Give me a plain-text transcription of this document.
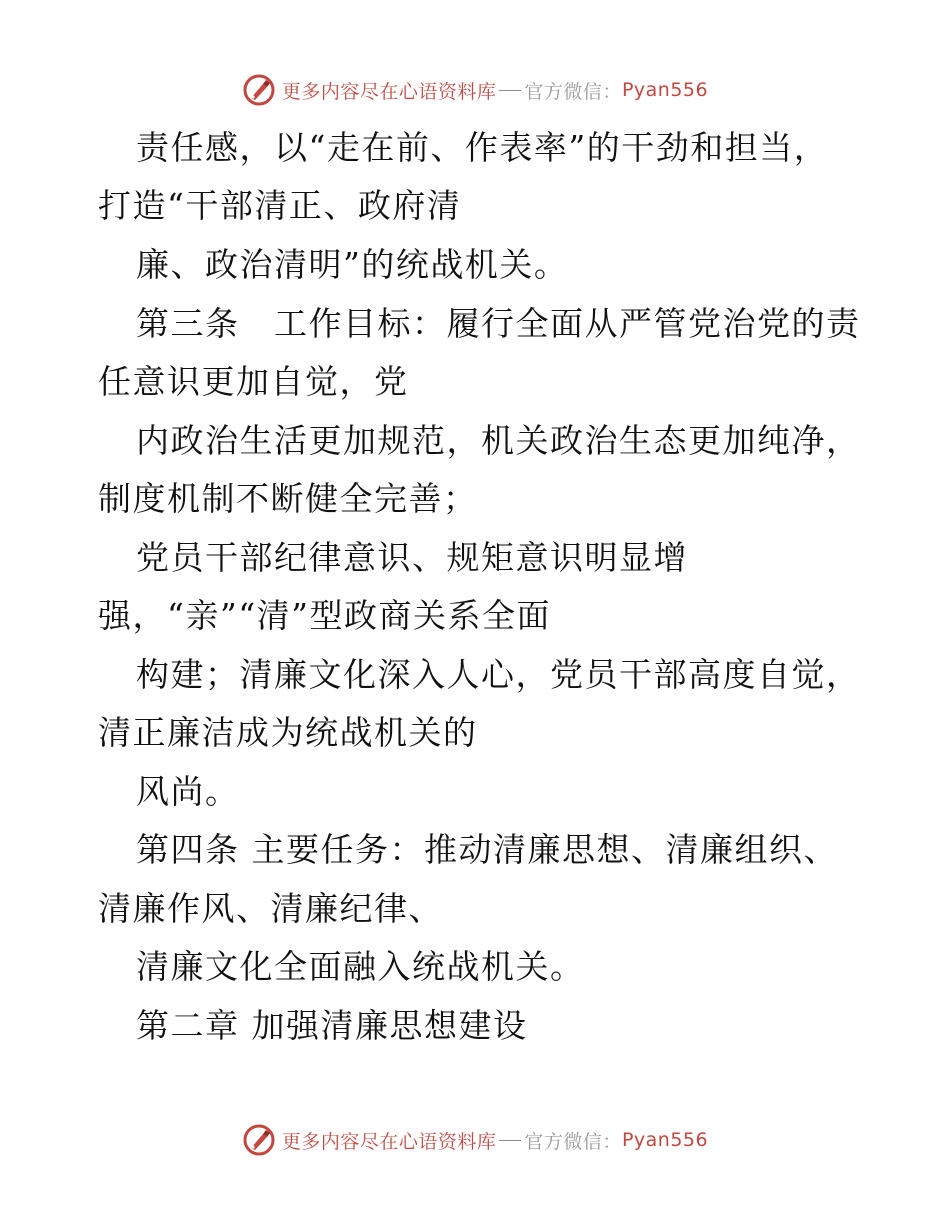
更多内容尽在心语资料库 官方微信： Pyan556
责任感，以“走在前、作表率”的干劲和担当，
打造“干部清正、政府清
廉、政治清明”的统战机关。
第三条　工作目标：履行全面从严管党治党的责
任意识更加自觉，党
内政治生活更加规范，机关政治生态更加纯净，
制度机制不断健全完善；
党员干部纪律意识、规矩意识明显增
强，“亲”“清”型政商关系全面
构建；清廉文化深入人心，党员干部高度自觉，
清正廉洁成为统战机关的
风尚。
第四条 主要任务：推动清廉思想、清廉组织、
清廉作风、清廉纪律、
清廉文化全面融入统战机关。
第二章 加强清廉思想建设
更多内容尽在心语资料库 官方微信： Pyan556
